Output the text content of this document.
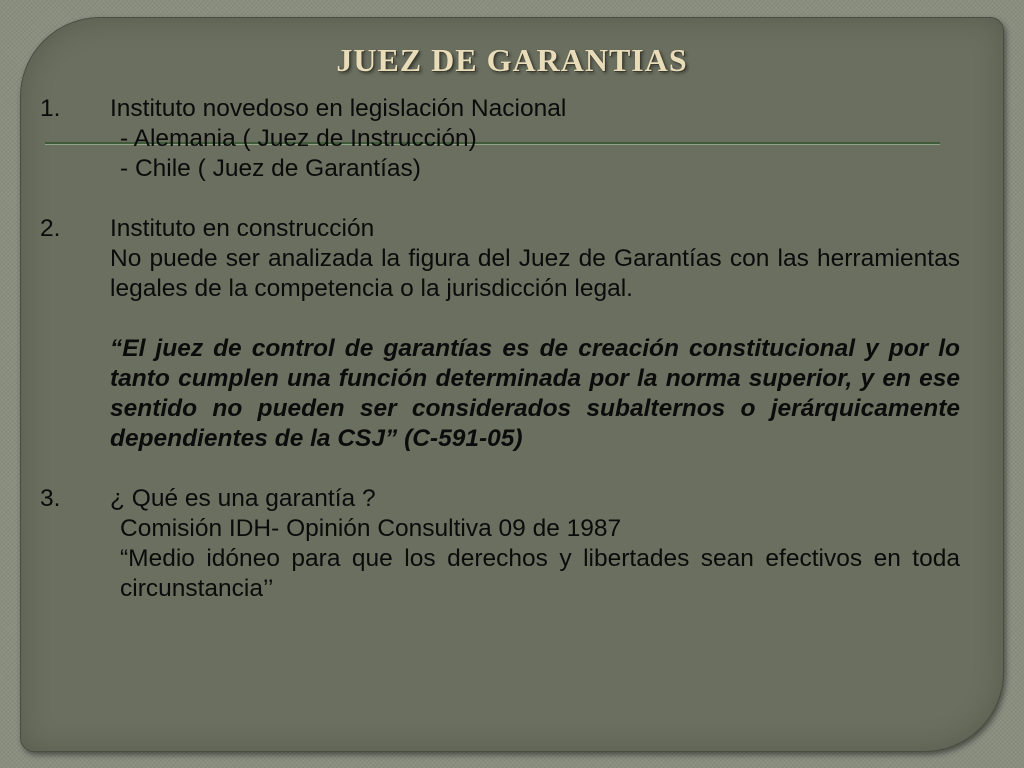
JUEZ DE GARANTIAS
1.	Instituto novedoso en legislación Nacional
- Alemania ( Juez de Instrucción)
- Chile ( Juez de Garantías)
2.	Instituto en construcción
No puede ser analizada la figura del Juez de Garantías con las herramientas legales de la competencia o la jurisdicción legal.
“El juez de control de garantías es de creación constitucional y por lo tanto cumplen una función determinada por la norma superior, y en ese sentido no pueden ser considerados subalternos o jerárquicamente dependientes de la CSJ” (C-591-05)
3.	¿ Qué es una garantía ?
Comisión IDH- Opinión Consultiva 09 de 1987
“Medio idóneo para que los derechos y libertades sean efectivos en toda circunstancia’’
